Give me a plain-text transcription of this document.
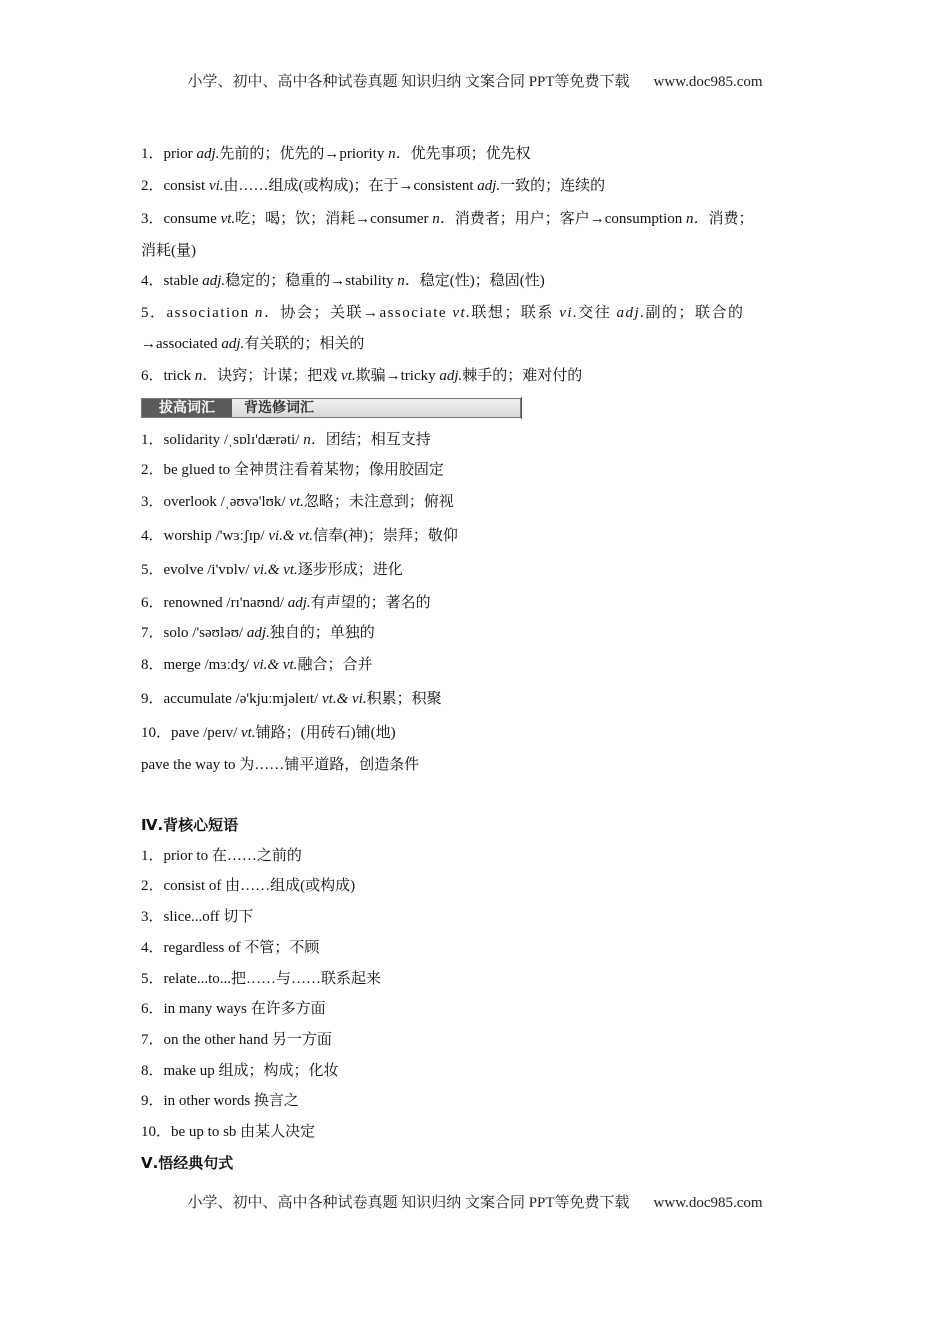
小学、初中、高中各种试卷真题 知识归纳 文案合同 PPT等免费下载 www.doc985.com
1．prior adj.先前的；优先的→priority n．优先事项；优先权
2．consist vi.由……组成(或构成)；在于→consistent adj.一致的；连续的
3．consume vt.吃；喝；饮；消耗→consumer n．消费者；用户；客户→consumption n．消费；
消耗(量)
4．stable adj.稳定的；稳重的→stability n．稳定(性)；稳固(性)
5．association n．协会；关联→associate vt.联想；联系 vi.交往 adj.副的；联合的
→associated adj.有关联的；相关的
6．trick n．诀窍；计谋；把戏 vt.欺骗→tricky adj.棘手的；难对付的
拔高词汇	背选修词汇
1．solidarity /ˌsɒlɪ'dærəti/ n．团结；相互支持
2．be glued to 全神贯注看着某物；像用胶固定
3．overlook /ˌəʊvə'lʊk/ vt.忽略；未注意到；俯视
4．worship /'wɜːʃɪp/ vi.& vt.信奉(神)；崇拜；敬仰
5．evolve /i'vɒlv/ vi.& vt.逐步形成；进化
6．renowned /rɪ'naʊnd/ adj.有声望的；著名的
7．solo /'səʊləʊ/ adj.独自的；单独的
8．merge /mɜːdʒ/ vi.& vt.融合；合并
9．accumulate /ə'kjuːmjəleɪt/ vt.& vi.积累；积聚
10．pave /peɪv/ vt.铺路；(用砖石)铺(地)
pave the way to 为……铺平道路，创造条件
Ⅳ.背核心短语
1．prior to 在……之前的
2．consist of 由……组成(或构成)
3．slice...off 切下
4．regardless of 不管；不顾
5．relate...to...把……与……联系起来
6．in many ways 在许多方面
7．on the other hand 另一方面
8．make up 组成；构成；化妆
9．in other words 换言之
10．be up to sb 由某人决定
Ⅴ.悟经典句式
小学、初中、高中各种试卷真题 知识归纳 文案合同 PPT等免费下载 www.doc985.com
